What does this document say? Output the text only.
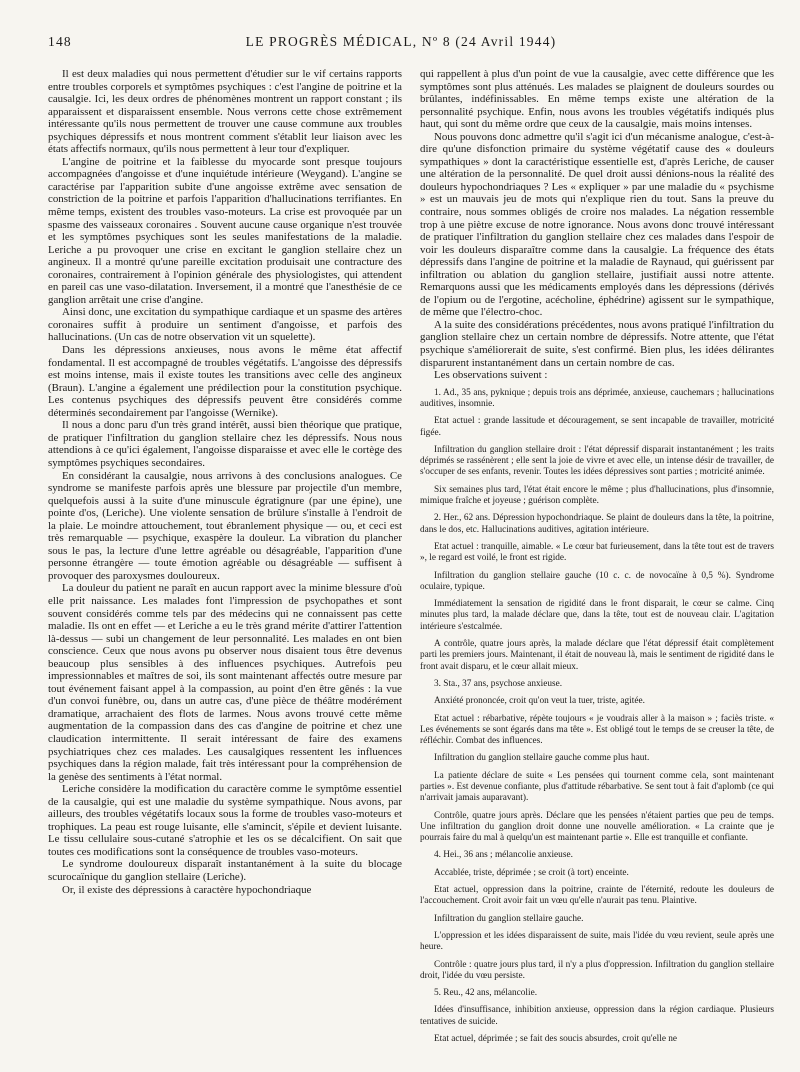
148	LE PROGRÈS MÉDICAL, Nº 8 (24 Avril 1944)

Il est deux maladies qui nous permettent d'étudier sur le vif certains rapports entre troubles corporels et symptômes psychiques : c'est l'angine de poitrine et la causalgie. Ici, les deux ordres de phénomènes montrent un rapport constant ; ils apparaissent et disparaissent ensemble. Nous verrons cette chose extrêmement intéressante qu'ils nous permettent de trouver une cause commune aux troubles psychiques dépressifs et nous montrent comment s'établit leur liaison avec les états affectifs normaux, qu'ils nous permettent à leur tour d'expliquer.

L'angine de poitrine et la faiblesse du myocarde sont presque toujours accompagnées d'angoisse et d'une inquiétude intérieure (Weygand). L'angine se caractérise par l'apparition subite d'une angoisse extrême avec sensation de constriction de la poitrine et parfois l'apparition d'hallucinations terrifiantes. En même temps, existent des troubles vaso-moteurs. La crise est provoquée par un spasme des vaisseaux coronaires . Souvent aucune cause organique n'est trouvée et les symptômes psychiques sont les seules manifestations de la maladie. Leriche a pu provoquer une crise en excitant le ganglion stellaire chez un angineux. Il a montré qu'une pareille excitation produisait une contracture des coronaires, contrairement à l'opinion générale des physiologistes, qui attendent en pareil cas une vaso-dilatation. Inversement, il a montré que l'anesthésie de ce ganglion arrêtait une crise d'angine.

Ainsi donc, une excitation du sympathique cardiaque et un spasme des artères coronaires suffit à produire un sentiment d'angoisse, et parfois des hallucinations. (Un cas de notre observation vit un squelette).

Dans les dépressions anxieuses, nous avons le même état affectif fondamental. Il est accompagné de troubles végétatifs. L'angoisse des dépressifs est moins intense, mais il existe toutes les transitions avec celle des angineux (Braun). L'angine a également une prédilection pour la constitution psychique. Les contenus psychiques des dépressifs peuvent être considérés comme déterminés secondairement par l'angoisse (Wernike).

Il nous a donc paru d'un très grand intérêt, aussi bien théorique que pratique, de pratiquer l'infiltration du ganglion stellaire chez les dépressifs. Nous nous attendions à ce qu'ici également, l'angoisse disparaisse et avec elle le cortège des symptômes psychiques secondaires.

En considérant la causalgie, nous arrivons à des conclusions analogues. Ce syndrome se manifeste parfois après une blessure par projectile d'un membre, quelquefois aussi à la suite d'une minuscule égratignure (par une épine), une pointe d'os, (Leriche). Une violente sensation de brûlure s'installe à l'endroit de la plaie. Le moindre attouchement, tout ébranlement physique — ou, et ceci est très remarquable — psychique, exaspère la douleur. La vibration du plancher sous le pas, la lecture d'une lettre agréable ou désagréable, l'apparition d'une personne étrangère — toute émotion agréable ou désagréable — suffisent à provoquer des paroxysmes douloureux.

La douleur du patient ne paraît en aucun rapport avec la minime blessure d'où elle prit naissance. Les malades font l'impression de psychopathes et sont souvent considérés comme tels par des médecins qui ne connaissent pas cette maladie. Ils ont en effet — et Leriche a eu le très grand mérite d'attirer l'attention là-dessus — subi un changement de leur personnalité. Les malades en ont bien conscience. Ceux que nous avons pu observer nous disaient tous être devenus beaucoup plus sensibles à des influences psychiques. Autrefois peu impressionnables et maîtres de soi, ils sont maintenant affectés outre mesure par tout événement faisant appel à la compassion, au point d'en être gênés : la vue d'un convoi funèbre, ou, dans un autre cas, d'une pièce de théâtre modérément dramatique, arrachaient des flots de larmes. Nous avons trouvé cette même augmentation de la compassion dans des cas d'angine de poitrine et chez une claudication intermittente. Il serait intéressant de faire des examens psychiatriques chez ces malades. Les causalgiques ressentent les influences psychiques dans la région malade, fait très intéressant pour la compréhension de la genèse des sentiments à l'état normal.

Leriche considère la modification du caractère comme le symptôme essentiel de la causalgie, qui est une maladie du système sympathique. Nous avons, par ailleurs, des troubles végétatifs locaux sous la forme de troubles vaso-moteurs et trophiques. La peau est rouge luisante, elle s'amincit, s'épile et devient luisante. Le tissu cellulaire sous-cutané s'atrophie et les os se décalcifient. On sait que toutes ces modifications sont la conséquence de troubles vaso-moteurs.

Le syndrome douloureux disparaît instantanément à la suite du blocage scurocaïnique du ganglion stellaire (Leriche).

Or, il existe des dépressions à caractère hypochondriaque

qui rappellent à plus d'un point de vue la causalgie, avec cette différence que les symptômes sont plus atténués. Les malades se plaignent de douleurs sourdes ou brûlantes, indéfinissables. En même temps existe une altération de la personnalité psychique. Enfin, nous avons les troubles végétatifs indiqués plus haut, qui sont du même ordre que ceux de la causalgie, mais moins intenses.

Nous pouvons donc admettre qu'il s'agit ici d'un mécanisme analogue, c'est-à-dire qu'une disfonction primaire du système végétatif cause des « douleurs sympathiques » dont la caractéristique essentielle est, d'après Leriche, de causer une altération de la personnalité. De quel droit aussi dénions-nous la réalité des douleurs hypochondriaques ? Les « expliquer » par une maladie du « psychisme » est un mauvais jeu de mots qui n'explique rien du tout. Sans la preuve du contraire, nous sommes obligés de croire nos malades. La négation ressemble trop à une piètre excuse de notre ignorance. Nous avons donc trouvé intéressant de pratiquer l'infiltration du ganglion stellaire chez ces malades dans l'espoir de voir les douleurs disparaître comme dans la causalgie. La fréquence des états dépressifs dans l'angine de poitrine et la maladie de Raynaud, qui guérissent par infiltration ou ablation du ganglion stellaire, justifiait aussi notre attente. Remarquons aussi que les médicaments employés dans les dépressions (dérivés de l'opium ou de l'ergotine, acécholine, éphédrine) agissent sur le sympathique, de même que l'électro-choc.

A la suite des considérations précédentes, nous avons pratiqué l'infiltration du ganglion stellaire chez un certain nombre de dépressifs. Notre attente, que l'état psychique s'améliorerait de suite, s'est confirmé. Bien plus, les idées délirantes disparurent instantanément dans un certain nombre de cas.

Les observations suivent :

1. Ad., 35 ans, pyknique ; depuis trois ans déprimée, anxieuse, cauchemars ; hallucinations auditives, insomnie.

Etat actuel : grande lassitude et découragement, se sent incapable de travailler, motricité figée.

Infiltration du ganglion stellaire droit : l'état dépressif disparait instantanément ; les traits déprimés se rassénèrent ; elle sent la joie de vivre et avec elle, un intense désir de travailler, de s'occuper de ses enfants, revenir. Toutes les idées dépressives sont parties ; motricité animée.

Six semaines plus tard, l'état était encore le même ; plus d'hallucinations, plus d'insomnie, mimique fraîche et joyeuse ; guérison complète.

2. Her., 62 ans. Dépression hypochondriaque. Se plaint de douleurs dans la tête, la poitrine, dans le dos, etc. Hallucinations auditives, agitation intérieure.

Etat actuel : tranquille, aimable. « Le cœur bat furieusement, dans la tête tout est de travers », le regard est voilé, le front est rigide.

Infiltration du ganglion stellaire gauche (10 c. c. de novocaïne à 0,5 %). Syndrome oculaire, typique.

Immédiatement la sensation de rigidité dans le front disparait, le cœur se calme. Cinq minutes plus tard, la malade déclare que, dans la tête, tout est de nouveau clair. L'agitation intérieure s'estcalmée.

A contrôle, quatre jours après, la malade déclare que l'état dépressif était complètement parti les premiers jours. Maintenant, il était de nouveau là, mais le sentiment de rigidité dans le front avait disparu, et le cœur allait mieux.

3. Sta., 37 ans, psychose anxieuse.

Anxiété prononcée, croit qu'on veut la tuer, triste, agitée.

Etat actuel : rébarbative, répète toujours « je voudrais aller à la maison » ; faciès triste. « Les événements se sont égarés dans ma tête ». Est obligé tout le temps de se creuser la tête, de réfléchir. Combat des influences.

Infiltration du ganglion stellaire gauche comme plus haut.

La patiente déclare de suite « Les pensées qui tournent comme cela, sont maintenant parties ». Est devenue confiante, plus d'attitude rébarbative. Se sent tout à fait d'aplomb (ce qui n'arrivait jamais auparavant).

Contrôle, quatre jours après. Déclare que les pensées n'étaient parties que peu de temps. Une infiltration du ganglion droit donne une nouvelle amélioration. « La crainte que je pourrais faire du mal à quelqu'un est maintenant partie ». Elle est tranquille et confiante.

4. Hei., 36 ans ; mélancolie anxieuse.

Accablée, triste, déprimée ; se croit (à tort) enceinte.

Etat actuel, oppression dans la poitrine, crainte de l'éternité, redoute les douleurs de l'accouchement. Croit avoir fait un vœu qu'elle n'aurait pas tenu. Plaintive.

Infiltration du ganglion stellaire gauche.

L'oppression et les idées disparaissent de suite, mais l'idée du vœu revient, seule après une heure.

Contrôle : quatre jours plus tard, il n'y a plus d'oppression. Infiltration du ganglion stellaire droit, l'idée du vœu persiste.

5. Reu., 42 ans, mélancolie.

Idées d'insuffisance, inhibition anxieuse, oppression dans la région cardiaque. Plusieurs tentatives de suicide.

Etat actuel, déprimée ; se fait des soucis absurdes, croit qu'elle ne
